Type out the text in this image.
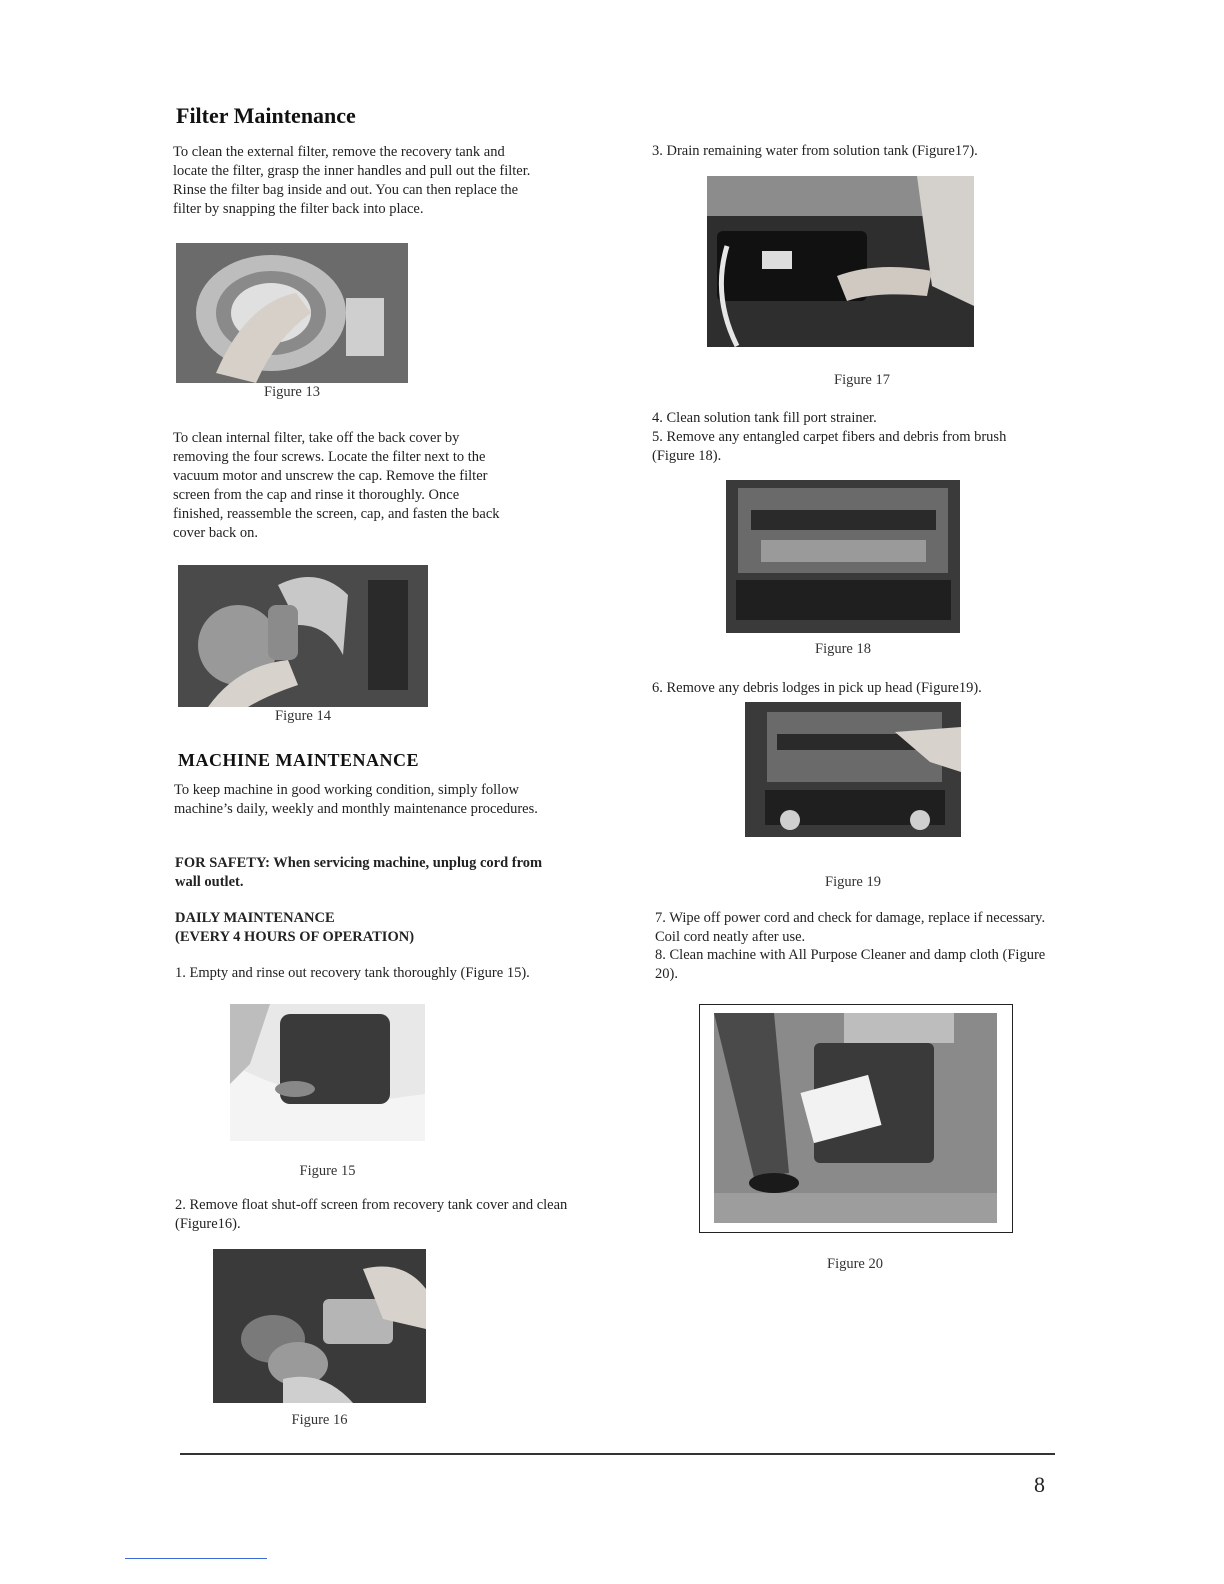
Filter Maintenance
To clean the external filter, remove the recovery tank and locate the filter, grasp the inner handles and pull out the filter. Rinse the filter bag inside and out. You can then replace the filter by snapping the filter back into place.
Figure 13
To clean internal filter, take off the back cover by removing the four screws. Locate the filter next to the vacuum motor and unscrew the cap. Remove the filter screen from the cap and rinse it thoroughly. Once finished, reassemble the screen, cap, and fasten the back cover back on.
Figure 14
MACHINE MAINTENANCE
To keep machine in good working condition, simply follow machine’s daily, weekly and monthly maintenance procedures.
FOR SAFETY: When servicing machine, unplug cord from wall outlet.
DAILY MAINTENANCE
(EVERY 4 HOURS OF OPERATION)
1. Empty and rinse out recovery tank thoroughly (Figure 15).
Figure 15
2. Remove float shut-off screen from recovery tank cover and clean (Figure16).
Figure 16
3. Drain remaining water from solution tank (Figure17).
Figure 17
4. Clean solution tank fill port strainer.
5. Remove any entangled carpet fibers and debris from brush (Figure 18).
Figure 18
6. Remove any debris lodges in pick up head (Figure19).
Figure 19
7. Wipe off power cord and check for damage, replace if necessary. Coil cord neatly after use.
8. Clean machine with All Purpose Cleaner and damp cloth (Figure 20).
Figure 20
8
